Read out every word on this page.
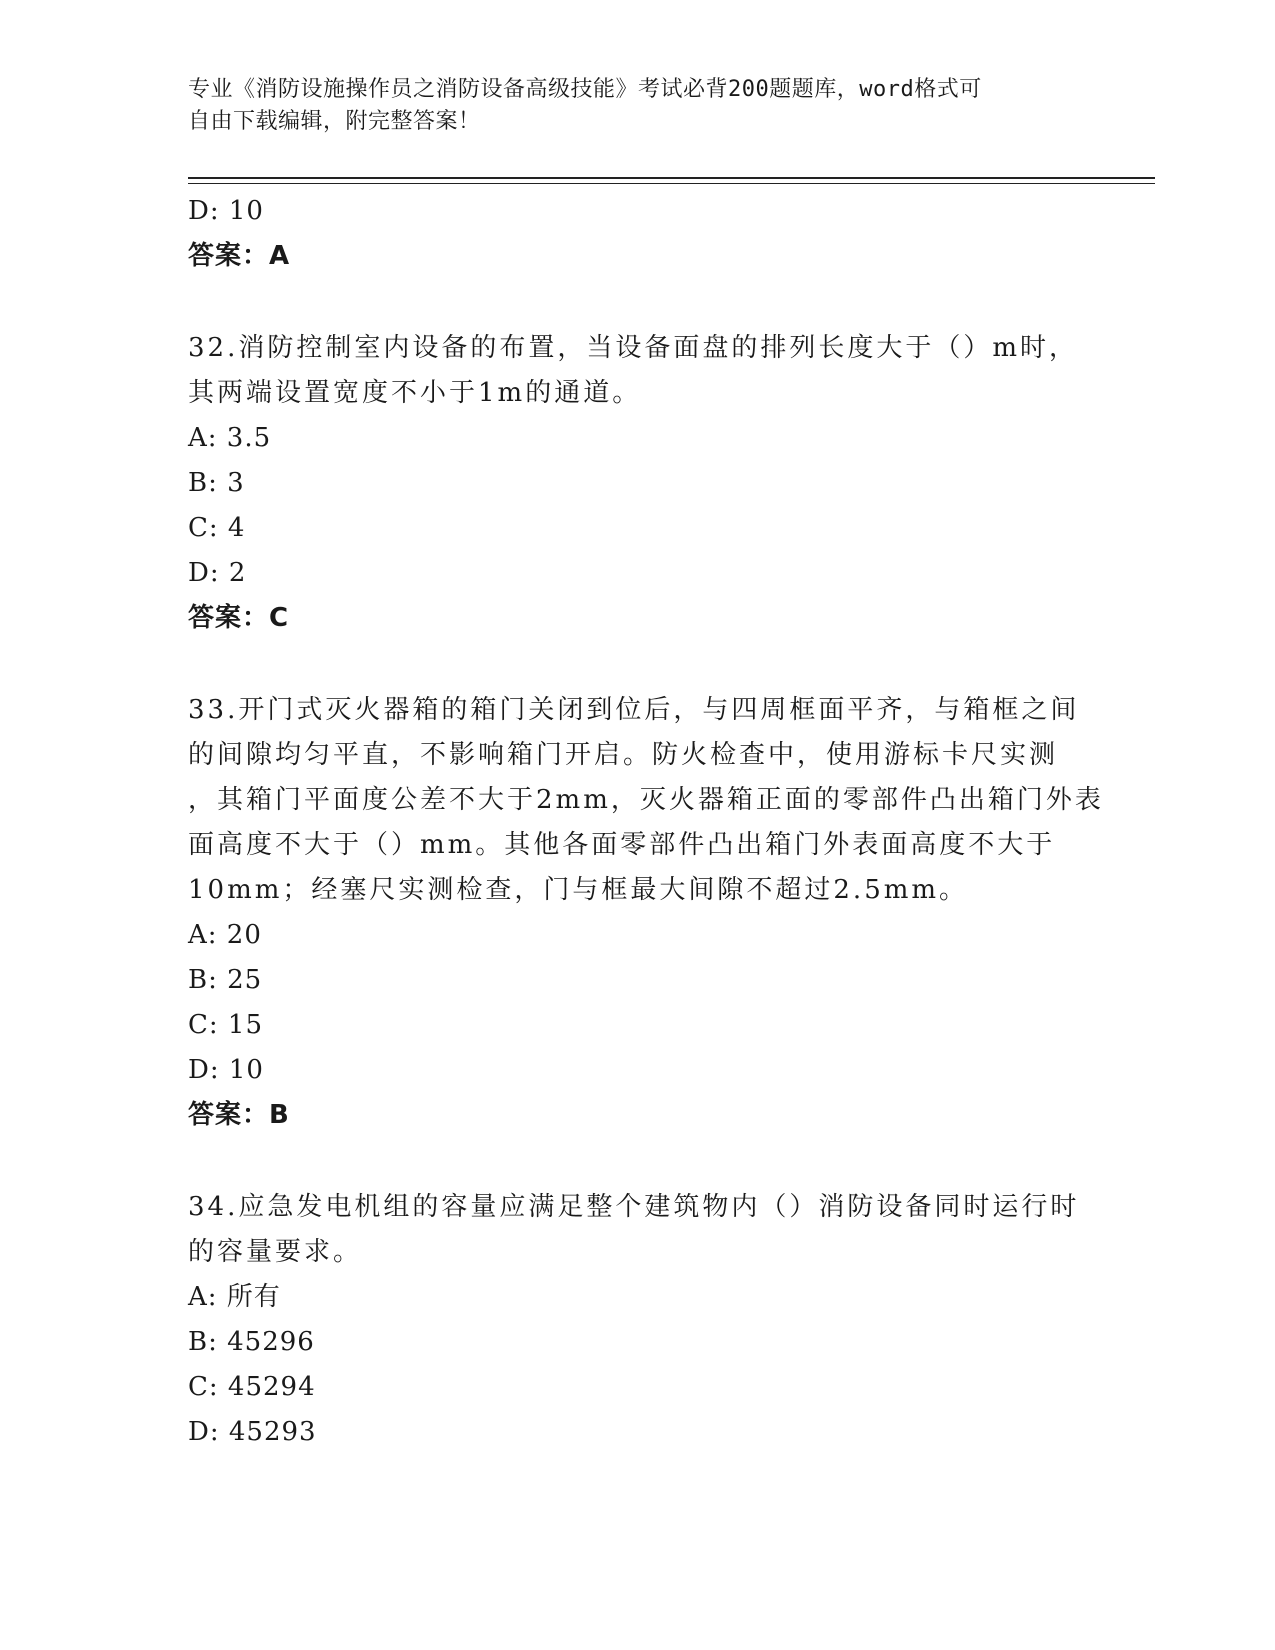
专业《消防设施操作员之消防设备高级技能》考试必背200题题库，word格式可
自由下载编辑，附完整答案！
D: 10
答案：A
32.消防控制室内设备的布置，当设备面盘的排列长度大于（）m时，
其两端设置宽度不小于1m的通道。
A: 3.5
B: 3
C: 4
D: 2
答案：C
33.开门式灭火器箱的箱门关闭到位后，与四周框面平齐，与箱框之间
的间隙均匀平直，不影响箱门开启。防火检查中，使用游标卡尺实测
，其箱门平面度公差不大于2mm，灭火器箱正面的零部件凸出箱门外表
面高度不大于（）mm。其他各面零部件凸出箱门外表面高度不大于
10mm；经塞尺实测检查，门与框最大间隙不超过2.5mm。
A: 20
B: 25
C: 15
D: 10
答案：B
34.应急发电机组的容量应满足整个建筑物内（）消防设备同时运行时
的容量要求。
A: 所有
B: 45296
C: 45294
D: 45293
